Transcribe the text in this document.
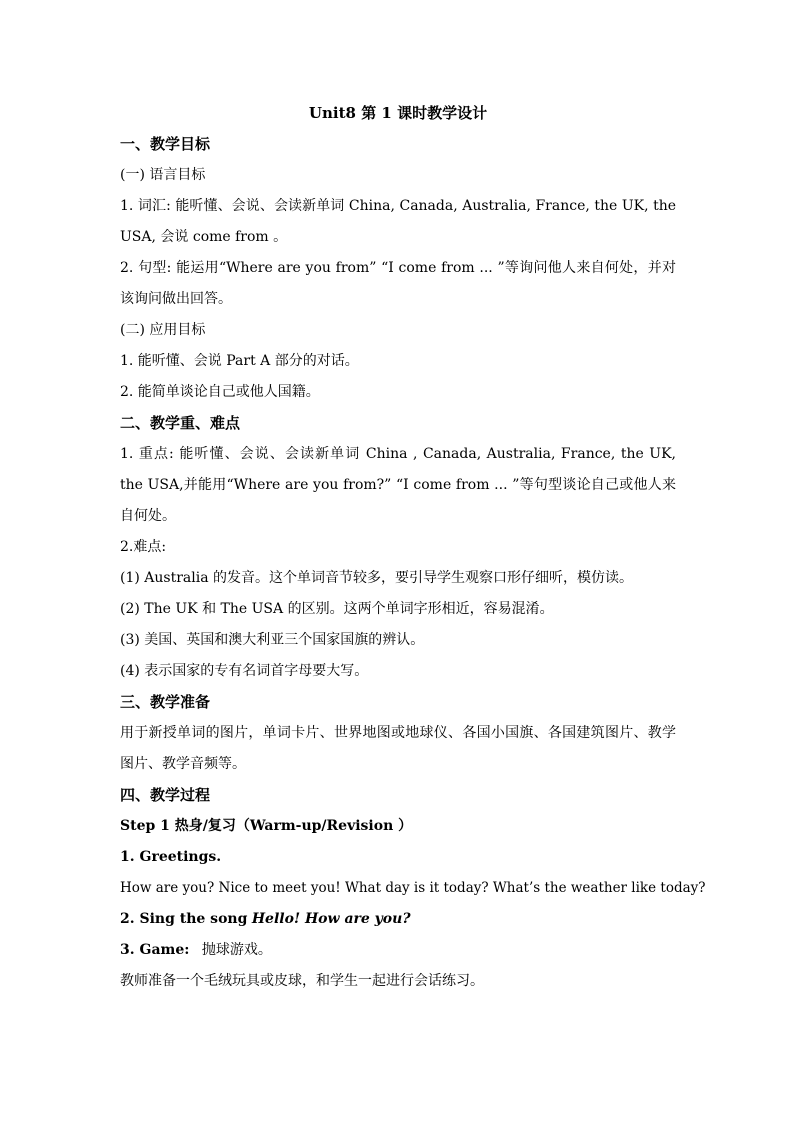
Unit8 第 1 课时教学设计

一、教学目标

(一) 语言目标

1. 词汇: 能听懂、会说、会读新单词 China, Canada, Australia, France, the UK, the USA, 会说 come from 。

2. 句型: 能运用“Where are you from” “I come from ... ”等询问他人来自何处，并对该询问做出回答。

(二) 应用目标

1. 能听懂、会说 Part A 部分的对话。

2. 能简单谈论自己或他人国籍。

二、教学重、难点

1. 重点: 能听懂、会说、会读新单词 China , Canada, Australia, France, the UK, the USA,并能用“Where are you from?” “I come from ... ”等句型谈论自己或他人来自何处。

2.难点:

(1) Australia 的发音。这个单词音节较多，要引导学生观察口形仔细听，模仿读。

(2) The UK 和 The USA 的区别。这两个单词字形相近，容易混淆。

(3) 美国、英国和澳大利亚三个国家国旗的辨认。

(4) 表示国家的专有名词首字母要大写。

三、教学准备

用于新授单词的图片，单词卡片、世界地图或地球仪、各国小国旗、各国建筑图片、教学图片、教学音频等。

四、教学过程

Step 1 热身/复习（Warm-up/Revision ）

1. Greetings.

How are you? Nice to meet you! What day is it today? What’s the weather like today?

2. Sing the song Hello! How are you?

3. Game: 抛球游戏。

教师准备一个毛绒玩具或皮球，和学生一起进行会话练习。
